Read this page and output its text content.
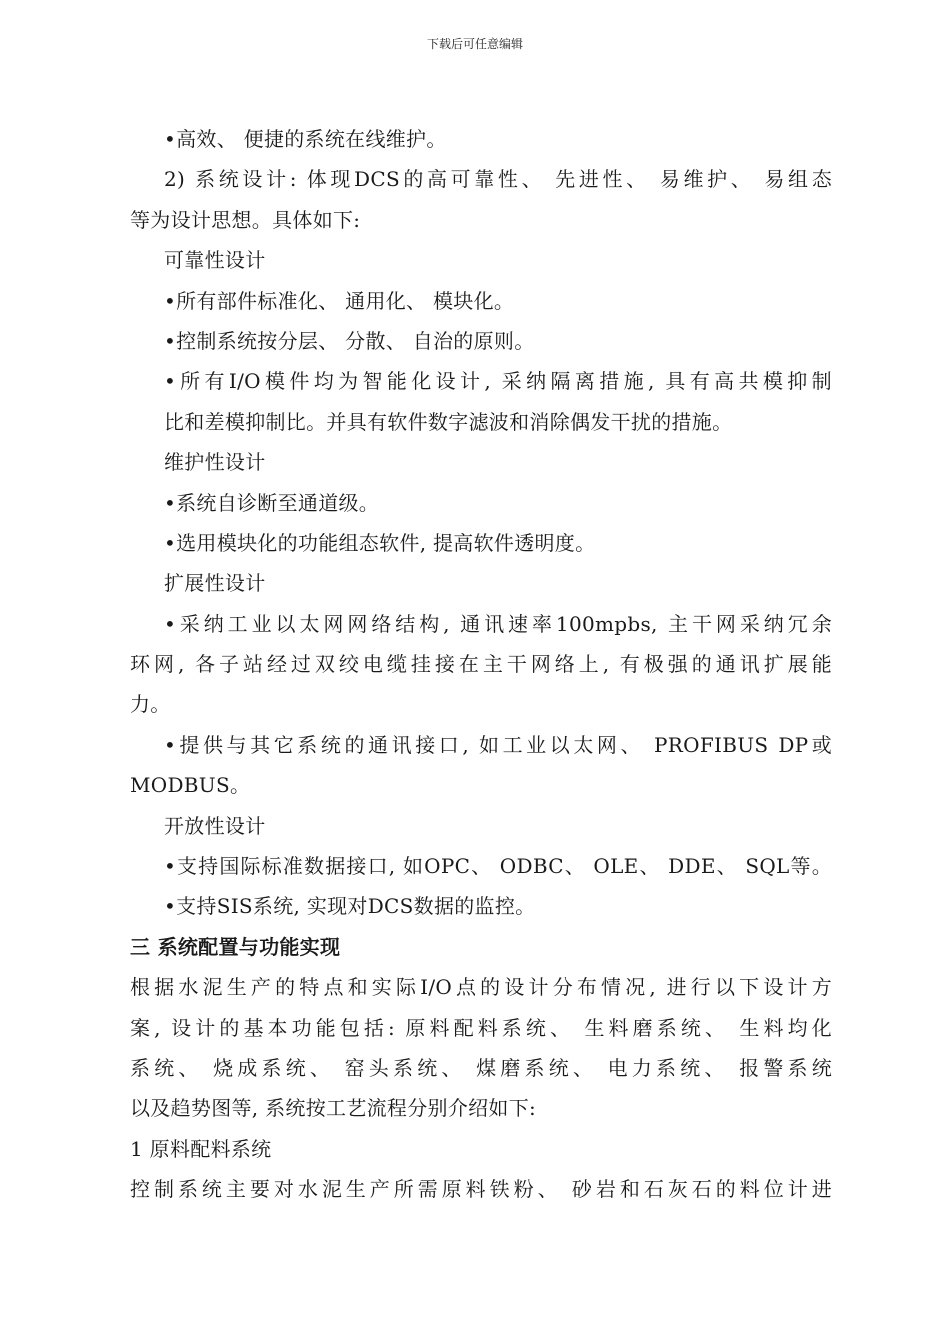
下载后可任意编辑
•高效、 便捷的系统在线维护。
2) 系统设计: 体现DCS的高可靠性、 先进性、 易维护、 易组态
等为设计思想。具体如下:
可靠性设计
•所有部件标准化、 通用化、 模块化。
•控制系统按分层、 分散、 自治的原则。
•所有I/O模件均为智能化设计, 采纳隔离措施, 具有高共模抑制
比和差模抑制比。并具有软件数字滤波和消除偶发干扰的措施。
维护性设计
•系统自诊断至通道级。
•选用模块化的功能组态软件, 提高软件透明度。
扩展性设计
•采纳工业以太网网络结构, 通讯速率100mpbs, 主干网采纳冗余
环网, 各子站经过双绞电缆挂接在主干网络上, 有极强的通讯扩展能
力。
•提供与其它系统的通讯接口, 如工业以太网、 PROFIBUS DP或
MODBUS。
开放性设计
•支持国际标准数据接口, 如OPC、 ODBC、 OLE、 DDE、 SQL等。
•支持SIS系统, 实现对DCS数据的监控。
三 系统配置与功能实现
根据水泥生产的特点和实际I/O点的设计分布情况, 进行以下设计方
案, 设计的基本功能包括: 原料配料系统、 生料磨系统、 生料均化
系统、 烧成系统、 窑头系统、 煤磨系统、 电力系统、 报警系统
以及趋势图等, 系统按工艺流程分别介绍如下:
1 原料配料系统
控制系统主要对水泥生产所需原料铁粉、 砂岩和石灰石的料位计进
